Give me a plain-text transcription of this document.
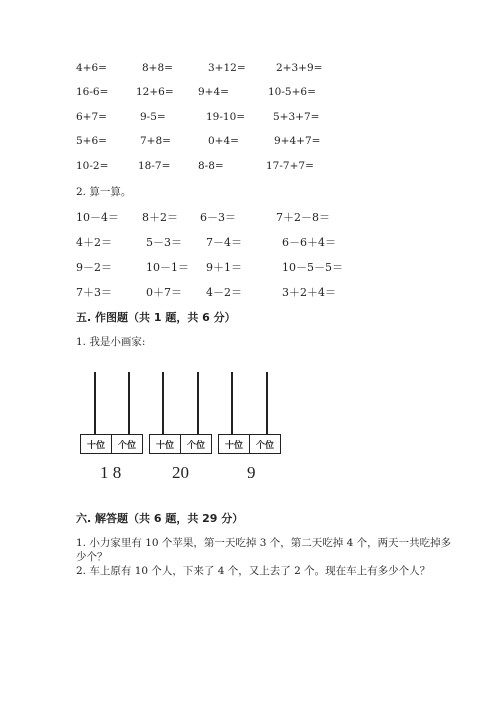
4+6=	8+8=	3+12=	2+3+9=
16-6=	12+6= 9+4=	10-5+6=
6+7=	9-5=	19-10=	5+3+7=
5+6=	7+8=	0+4=	9+4+7=
10-2=	18-7=	8-8=	17-7+7=
2. 算一算。
10－4＝ 8＋2＝ 6－3＝	7＋2－8＝
4＋2＝	5－3＝ 7－4＝	6－6＋4＝
9－2＝	10－1＝ 9＋1＝	10－5－5＝
7＋3＝	0＋7＝ 4－2＝	3＋2＋4＝
五. 作图题（共 1 题，共 6 分）
1. 我是小画家:
十位	个位	十位	个位	十位	个位
1 8	20	9
六. 解答题（共 6 题，共 29 分）
1. 小力家里有 10 个苹果，第一天吃掉 3 个，第二天吃掉 4 个，两天一共吃掉多
少个？
2. 车上原有 10 个人，下来了 4 个，又上去了 2 个。现在车上有多少个人？
